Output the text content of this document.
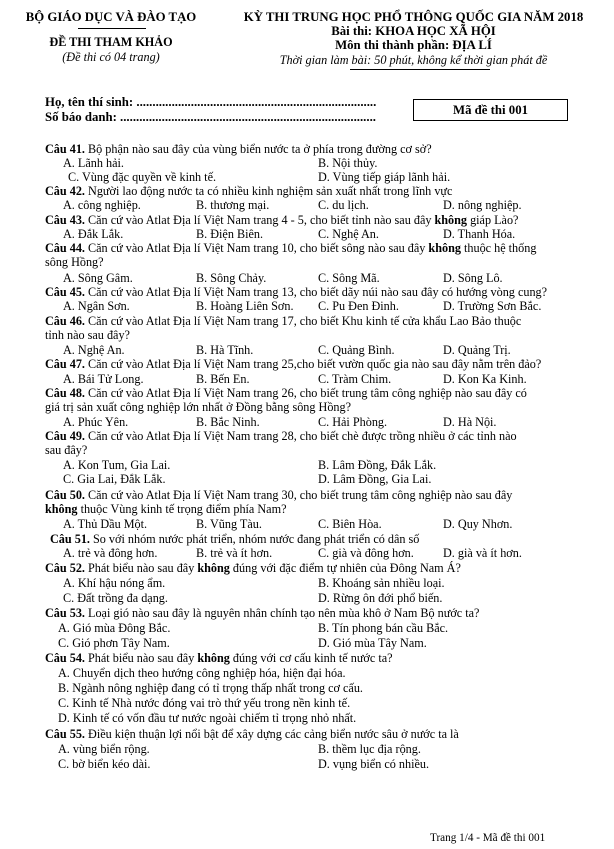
BỘ GIÁO DỤC VÀ ĐÀO TẠO
ĐỀ THI THAM KHẢO
(Đề thi có 04 trang)
KỲ THI TRUNG HỌC PHỔ THÔNG QUỐC GIA NĂM 2018
Bài thi: KHOA HỌC XÃ HỘI
Môn thi thành phần: ĐỊA LÍ
Thời gian làm bài: 50 phút, không kể thời gian phát đề
Họ, tên thí sinh: ...........................................................................
Số báo danh: ................................................................................	Mã đề thi 001
Câu 41. Bộ phận nào sau đây của vùng biển nước ta ở phía trong đường cơ sở?
A. Lãnh hải.	B. Nội thủy.
C. Vùng đặc quyền về kinh tế.	D. Vùng tiếp giáp lãnh hải.
Câu 42. Người lao động nước ta có nhiều kinh nghiệm sản xuất nhất trong lĩnh vực
A. công nghiệp.	B. thương mại.	C. du lịch.	D. nông nghiệp.
Câu 43. Căn cứ vào Atlat Địa lí Việt Nam trang 4 - 5, cho biết tỉnh nào sau đây không giáp Lào?
A. Đắk Lắk.	B. Điện Biên.	C. Nghệ An.	D. Thanh Hóa.
Câu 44. Căn cứ vào Atlat Địa lí Việt Nam trang 10, cho biết sông nào sau đây không thuộc hệ thống
sông Hồng?
A. Sông Gâm.	B. Sông Chảy.	C. Sông Mã.	D. Sông Lô.
Câu 45. Căn cứ vào Atlat Địa lí Việt Nam trang 13, cho biết dãy núi nào sau đây có hướng vòng cung?
A. Ngân Sơn.	B. Hoàng Liên Sơn. C. Pu Đen Đinh.	D. Trường Sơn Bắc.
Câu 46. Căn cứ vào Atlat Địa lí Việt Nam trang 17, cho biết Khu kinh tế cửa khẩu Lao Bảo thuộc
tỉnh nào sau đây?
A. Nghệ An.	B. Hà Tĩnh.	C. Quảng Bình.	D. Quảng Trị.
Câu 47. Căn cứ vào Atlat Địa lí Việt Nam trang 25,cho biết vườn quốc gia nào sau đây nằm trên đảo?
A. Bái Tử Long.	B. Bến En.	C. Tràm Chim.	D. Kon Ka Kinh.
Câu 48. Căn cứ vào Atlat Địa lí Việt Nam trang 26, cho biết trung tâm công nghiệp nào sau đây có
giá trị sản xuất công nghiệp lớn nhất ở Đồng bằng sông Hồng?
A. Phúc Yên.	B. Bắc Ninh.	C. Hải Phòng.	D. Hà Nội.
Câu 49. Căn cứ vào Atlat Địa lí Việt Nam trang 28, cho biết chè được trồng nhiều ở các tỉnh nào
sau đây?
A. Kon Tum, Gia Lai.	B. Lâm Đồng, Đắk Lắk.
C. Gia Lai, Đắk Lắk.	D. Lâm Đồng, Gia Lai.
Câu 50. Căn cứ vào Atlat Địa lí Việt Nam trang 30, cho biết trung tâm công nghiệp nào sau đây
không thuộc Vùng kinh tế trọng điểm phía Nam?
A. Thủ Dầu Một.	B. Vũng Tàu.	C. Biên Hòa.	D. Quy Nhơn.
Câu 51. So với nhóm nước phát triển, nhóm nước đang phát triển có dân số
A. trẻ và đông hơn.	B. trẻ và ít hơn.	C. già và đông hơn. D. già và ít hơn.
Câu 52. Phát biểu nào sau đây không đúng với đặc điểm tự nhiên của Đông Nam Á?
A. Khí hậu nóng ẩm.	B. Khoáng sản nhiều loại.
C. Đất trồng đa dạng.	D. Rừng ôn đới phổ biến.
Câu 53. Loại gió nào sau đây là nguyên nhân chính tạo nên mùa khô ở Nam Bộ nước ta?
A. Gió mùa Đông Bắc.	B. Tín phong bán cầu Bắc.
C. Gió phơn Tây Nam.	D. Gió mùa Tây Nam.
Câu 54. Phát biểu nào sau đây không đúng với cơ cấu kinh tế nước ta?
A. Chuyển dịch theo hướng công nghiệp hóa, hiện đại hóa.
B. Ngành nông nghiệp đang có tỉ trọng thấp nhất trong cơ cấu.
C. Kinh tế Nhà nước đóng vai trò thứ yếu trong nền kinh tế.
D. Kinh tế có vốn đầu tư nước ngoài chiếm tỉ trọng nhỏ nhất.
Câu 55. Điều kiện thuận lợi nổi bật để xây dựng các cảng biển nước sâu ở nước ta là
A. vùng biển rộng.	B. thềm lục địa rộng.
C. bờ biển kéo dài.	D. vụng biển có nhiều.
Trang 1/4 - Mã đề thi 001
